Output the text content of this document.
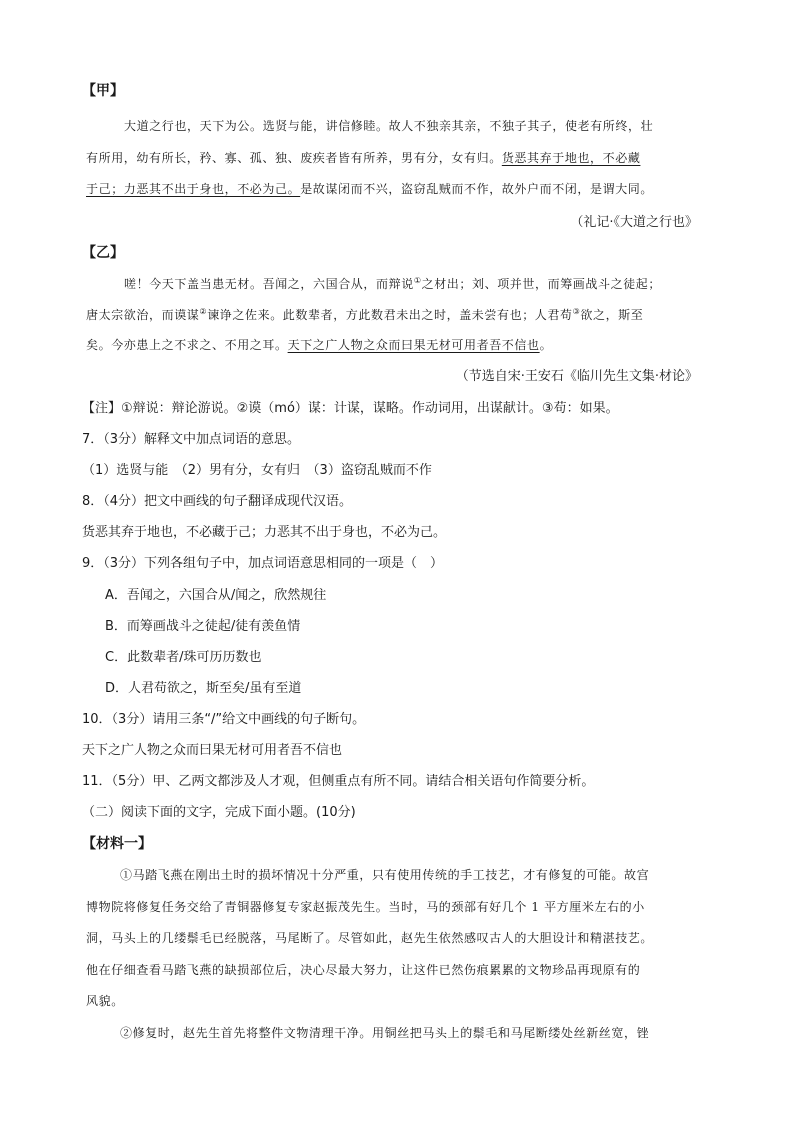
【甲】
大道之行也，天下为公。选贤与能，讲信修睦。故人不独亲其亲，不独子其子，使老有所终，壮
有所用，幼有所长，矜、寡、孤、独、废疾者皆有所养，男有分，女有归。货恶其弃于地也，不必藏
于己；力恶其不出于身也，不必为己。是故谋闭而不兴，盗窃乱贼而不作，故外户而不闭，是谓大同。
（礼记·《大道之行也》
【乙】
嗟！今天下盖当患无材。吾闻之，六国合从，而辩说①之材出；刘、项并世，而筹画战斗之徒起；
唐太宗欲治，而谟谋②谏诤之佐来。此数辈者，方此数君未出之时，盖未尝有也；人君苟③欲之，斯至
矣。今亦患上之不求之、不用之耳。天下之广人物之众而曰果无材可用者吾不信也。
（节选自宋·王安石《临川先生文集·材论》
【注】①辩说：辩论游说。②谟（mó）谋：计谋，谋略。作动词用，出谋献计。③苟：如果。
7．（3分）解释文中加点词语的意思。
（1）选贤与能　（2）男有分，女有归　（3）盗窃乱贼而不作
8．（4分）把文中画线的句子翻译成现代汉语。
货恶其弃于地也，不必藏于己；力恶其不出于身也，不必为己。
9．（3分）下列各组句子中，加点词语意思相同的一项是（　）
A．吾闻之，六国合从/闻之，欣然规往
B．而筹画战斗之徒起/徒有羡鱼情
C．此数辈者/珠可历历数也
D．人君苟欲之，斯至矣/虽有至道
10．（3分）请用三条“/”给文中画线的句子断句。
天下之广人物之众而曰果无材可用者吾不信也
11．（5分）甲、乙两文都涉及人才观，但侧重点有所不同。请结合相关语句作简要分析。
（二）阅读下面的文字，完成下面小题。(10分)
【材料一】
①马踏飞燕在刚出土时的损坏情况十分严重，只有使用传统的手工技艺，才有修复的可能。故宫
博物院将修复任务交给了青铜器修复专家赵振茂先生。当时，马的颈部有好几个 1 平方厘米左右的小
洞，马头上的几缕鬃毛已经脱落，马尾断了。尽管如此，赵先生依然感叹古人的大胆设计和精湛技艺。
他在仔细查看马踏飞燕的缺损部位后，决心尽最大努力，让这件已然伤痕累累的文物珍品再现原有的
风貌。
②修复时，赵先生首先将整件文物清理干净。用铜丝把马头上的鬃毛和马尾断缕处丝新丝宽，锉
